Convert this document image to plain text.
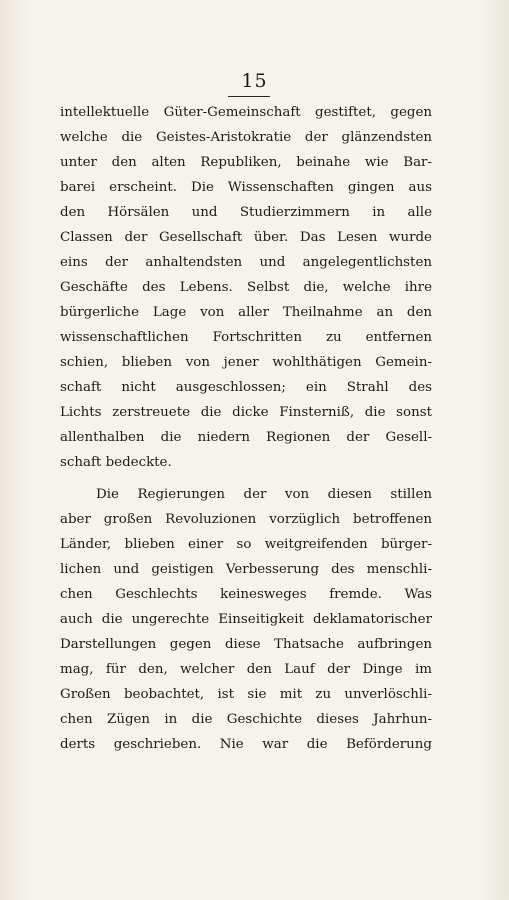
15
intellektuelle Güter-Gemeinschaft gestiftet, gegen
welche die Geistes-Aristokratie der glänzendsten
unter den alten Republiken, beinahe wie Bar-
barei erscheint. Die Wissenschaften gingen aus
den Hörsälen und Studierzimmern in alle
Classen der Gesellschaft über. Das Lesen wurde
eins der anhaltendsten und angelegentlichsten
Geschäfte des Lebens. Selbst die, welche ihre
bürgerliche Lage von aller Theilnahme an den
wissenschaftlichen Fortschritten zu entfernen
schien, blieben von jener wohlthätigen Gemein-
schaft nicht ausgeschlossen; ein Strahl des
Lichts zerstreuete die dicke Finsterniß, die sonst
allenthalben die niedern Regionen der Gesell-
schaft bedeckte.
Die Regierungen der von diesen stillen
aber großen Revoluzionen vorzüglich betroffenen
Länder, blieben einer so weitgreifenden bürger-
lichen und geistigen Verbesserung des menschli-
chen Geschlechts keinesweges fremde. Was
auch die ungerechte Einseitigkeit deklamatorischer
Darstellungen gegen diese Thatsache aufbringen
mag, für den, welcher den Lauf der Dinge im
Großen beobachtet, ist sie mit zu unverlöschli-
chen Zügen in die Geschichte dieses Jahrhun-
derts geschrieben. Nie war die Beförderung
